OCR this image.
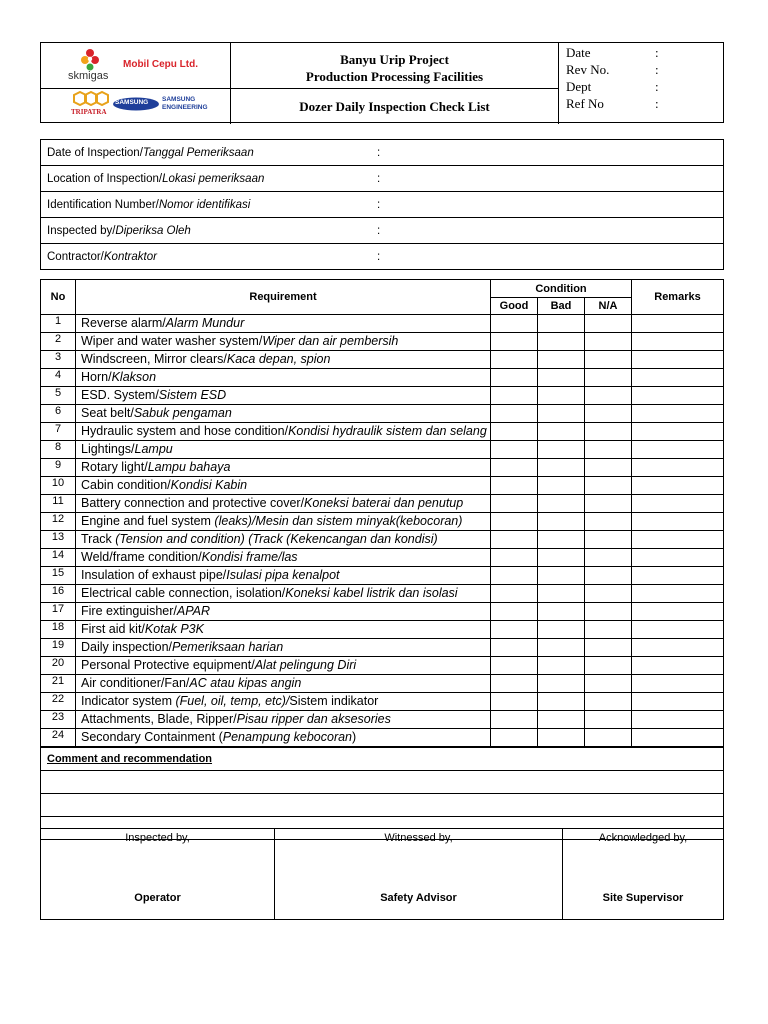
skmigas
Mobil Cepu Ltd.
TRIPATRA
SAMSUNG SAMSUNG ENGINEERING
Banyu Urip Project
Production Processing Facilities
Dozer Daily Inspection Check List
Date	:
Rev No.	:
Dept	:
Ref No	:
Date of Inspection/Tanggal Pemeriksaan	:
Location of Inspection/Lokasi pemeriksaan	:
Identification Number/Nomor identifikasi	:
Inspected by/Diperiksa Oleh	:
Contractor/Kontraktor	:
No	Requirement	Condition			Remarks
		Good	Bad	N/A	
1	Reverse alarm/Alarm Mundur				
2	Wiper and water washer system/Wiper dan air pembersih				
3	Windscreen, Mirror clears/Kaca depan, spion				
4	Horn/Klakson				
5	ESD. System/Sistem ESD				
6	Seat belt/Sabuk pengaman				
7	Hydraulic system and hose condition/Kondisi hydraulik sistem dan selang				
8	Lightings/Lampu				
9	Rotary light/Lampu bahaya				
10	Cabin condition/Kondisi Kabin				
11	Battery connection and protective cover/Koneksi baterai dan penutup				
12	Engine and fuel system (leaks)/Mesin dan sistem minyak(kebocoran)				
13	Track (Tension and condition) (Track (Kekencangan dan kondisi)				
14	Weld/frame condition/Kondisi frame/las				
15	Insulation of exhaust pipe/Isulasi pipa kenalpot				
16	Electrical cable connection, isolation/Koneksi kabel listrik dan isolasi				
17	Fire extinguisher/APAR				
18	First aid kit/Kotak P3K				
19	Daily inspection/Pemeriksaan harian				
20	Personal Protective equipment/Alat pelingung Diri				
21	Air conditioner/Fan/AC atau kipas angin				
22	Indicator system (Fuel, oil, temp, etc)/Sistem indikator				
23	Attachments, Blade, Ripper/Pisau ripper dan aksesories				
24	Secondary Containment (Penampung kebocoran)				
Comment and recommendation

Inspected by,
Operator

Witnessed by,
Safety Advisor

Acknowledged by,
Site Supervisor
